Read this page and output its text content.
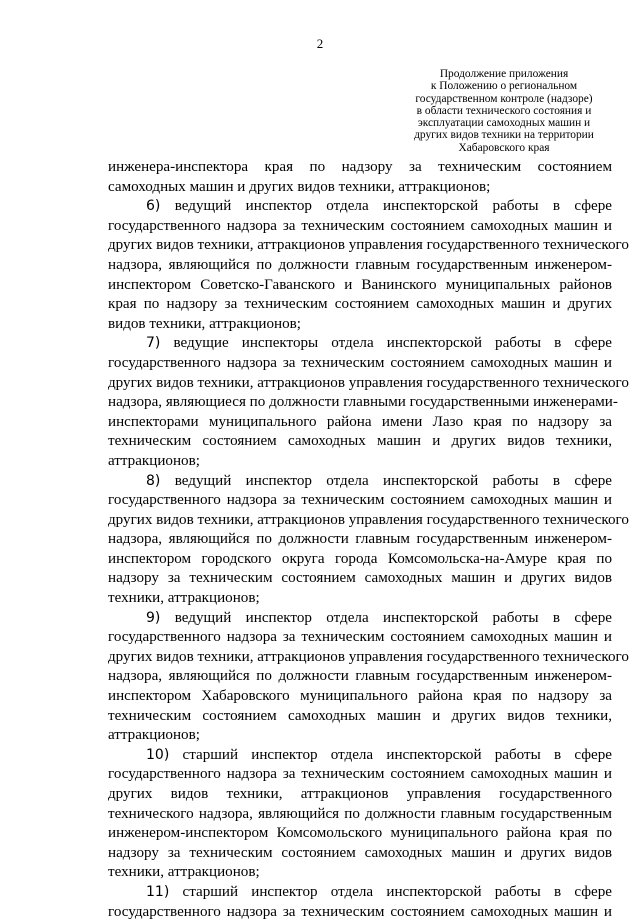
2
Продолжение приложения
к Положению о региональном
государственном контроле (надзоре)
в области технического состояния и
эксплуатации самоходных машин и
других видов техники на территории
Хабаровского края
инженера-инспектора края по надзору за техническим состоянием
самоходных машин и других видов техники, аттракционов;
6) ведущий инспектор отдела инспекторской работы в сфере
государственного надзора за техническим состоянием самоходных машин и
других видов техники, аттракционов управления государственного технического
надзора, являющийся по должности главным государственным инженером-
инспектором Советско-Гаванского и Ванинского муниципальных районов
края по надзору за техническим состоянием самоходных машин и других
видов техники, аттракционов;
7) ведущие инспекторы отдела инспекторской работы в сфере
государственного надзора за техническим состоянием самоходных машин и
других видов техники, аттракционов управления государственного технического
надзора, являющиеся по должности главными государственными инженерами-
инспекторами муниципального района имени Лазо края по надзору за
техническим состоянием самоходных машин и других видов техники,
аттракционов;
8) ведущий инспектор отдела инспекторской работы в сфере
государственного надзора за техническим состоянием самоходных машин и
других видов техники, аттракционов управления государственного технического
надзора, являющийся по должности главным государственным инженером-
инспектором городского округа города Комсомольска-на-Амуре края по
надзору за техническим состоянием самоходных машин и других видов
техники, аттракционов;
9) ведущий инспектор отдела инспекторской работы в сфере
государственного надзора за техническим состоянием самоходных машин и
других видов техники, аттракционов управления государственного технического
надзора, являющийся по должности главным государственным инженером-
инспектором Хабаровского муниципального района края по надзору за
техническим состоянием самоходных машин и других видов техники,
аттракционов;
10) старший инспектор отдела инспекторской работы в сфере
государственного надзора за техническим состоянием самоходных машин и
других видов техники, аттракционов управления государственного
технического надзора, являющийся по должности главным государственным
инженером-инспектором Комсомольского муниципального района края по
надзору за техническим состоянием самоходных машин и других видов
техники, аттракционов;
11) старший инспектор отдела инспекторской работы в сфере
государственного надзора за техническим состоянием самоходных машин и
